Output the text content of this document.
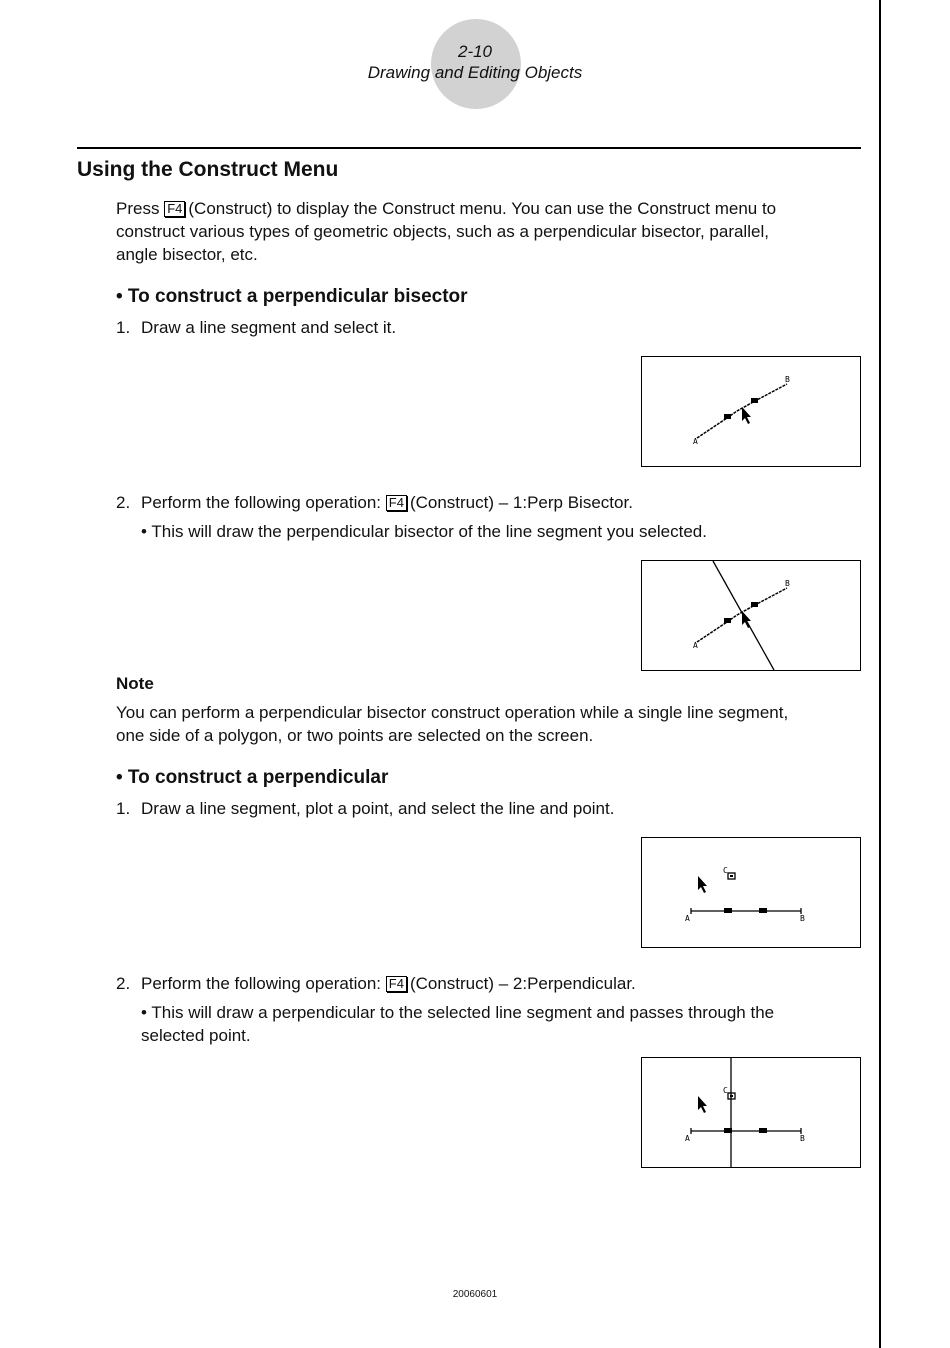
2-10
Drawing and Editing Objects
Using the Construct Menu
Press F4 (Construct) to display the Construct menu. You can use the Construct menu to
construct various types of geometric objects, such as a perpendicular bisector, parallel,
angle bisector, etc.
• To construct a perpendicular bisector
1. Draw a line segment and select it.
A
B
2. Perform the following operation: F4 (Construct) – 1:Perp Bisector.
• This will draw the perpendicular bisector of the line segment you selected.
A
B
Note
You can perform a perpendicular bisector construct operation while a single line segment,
one side of a polygon, or two points are selected on the screen.
• To construct a perpendicular
1. Draw a line segment, plot a point, and select the line and point.
A	B
C
2. Perform the following operation: F4 (Construct) – 2:Perpendicular.
• This will draw a perpendicular to the selected line segment and passes through the
selected point.
A	B
C
20060601
